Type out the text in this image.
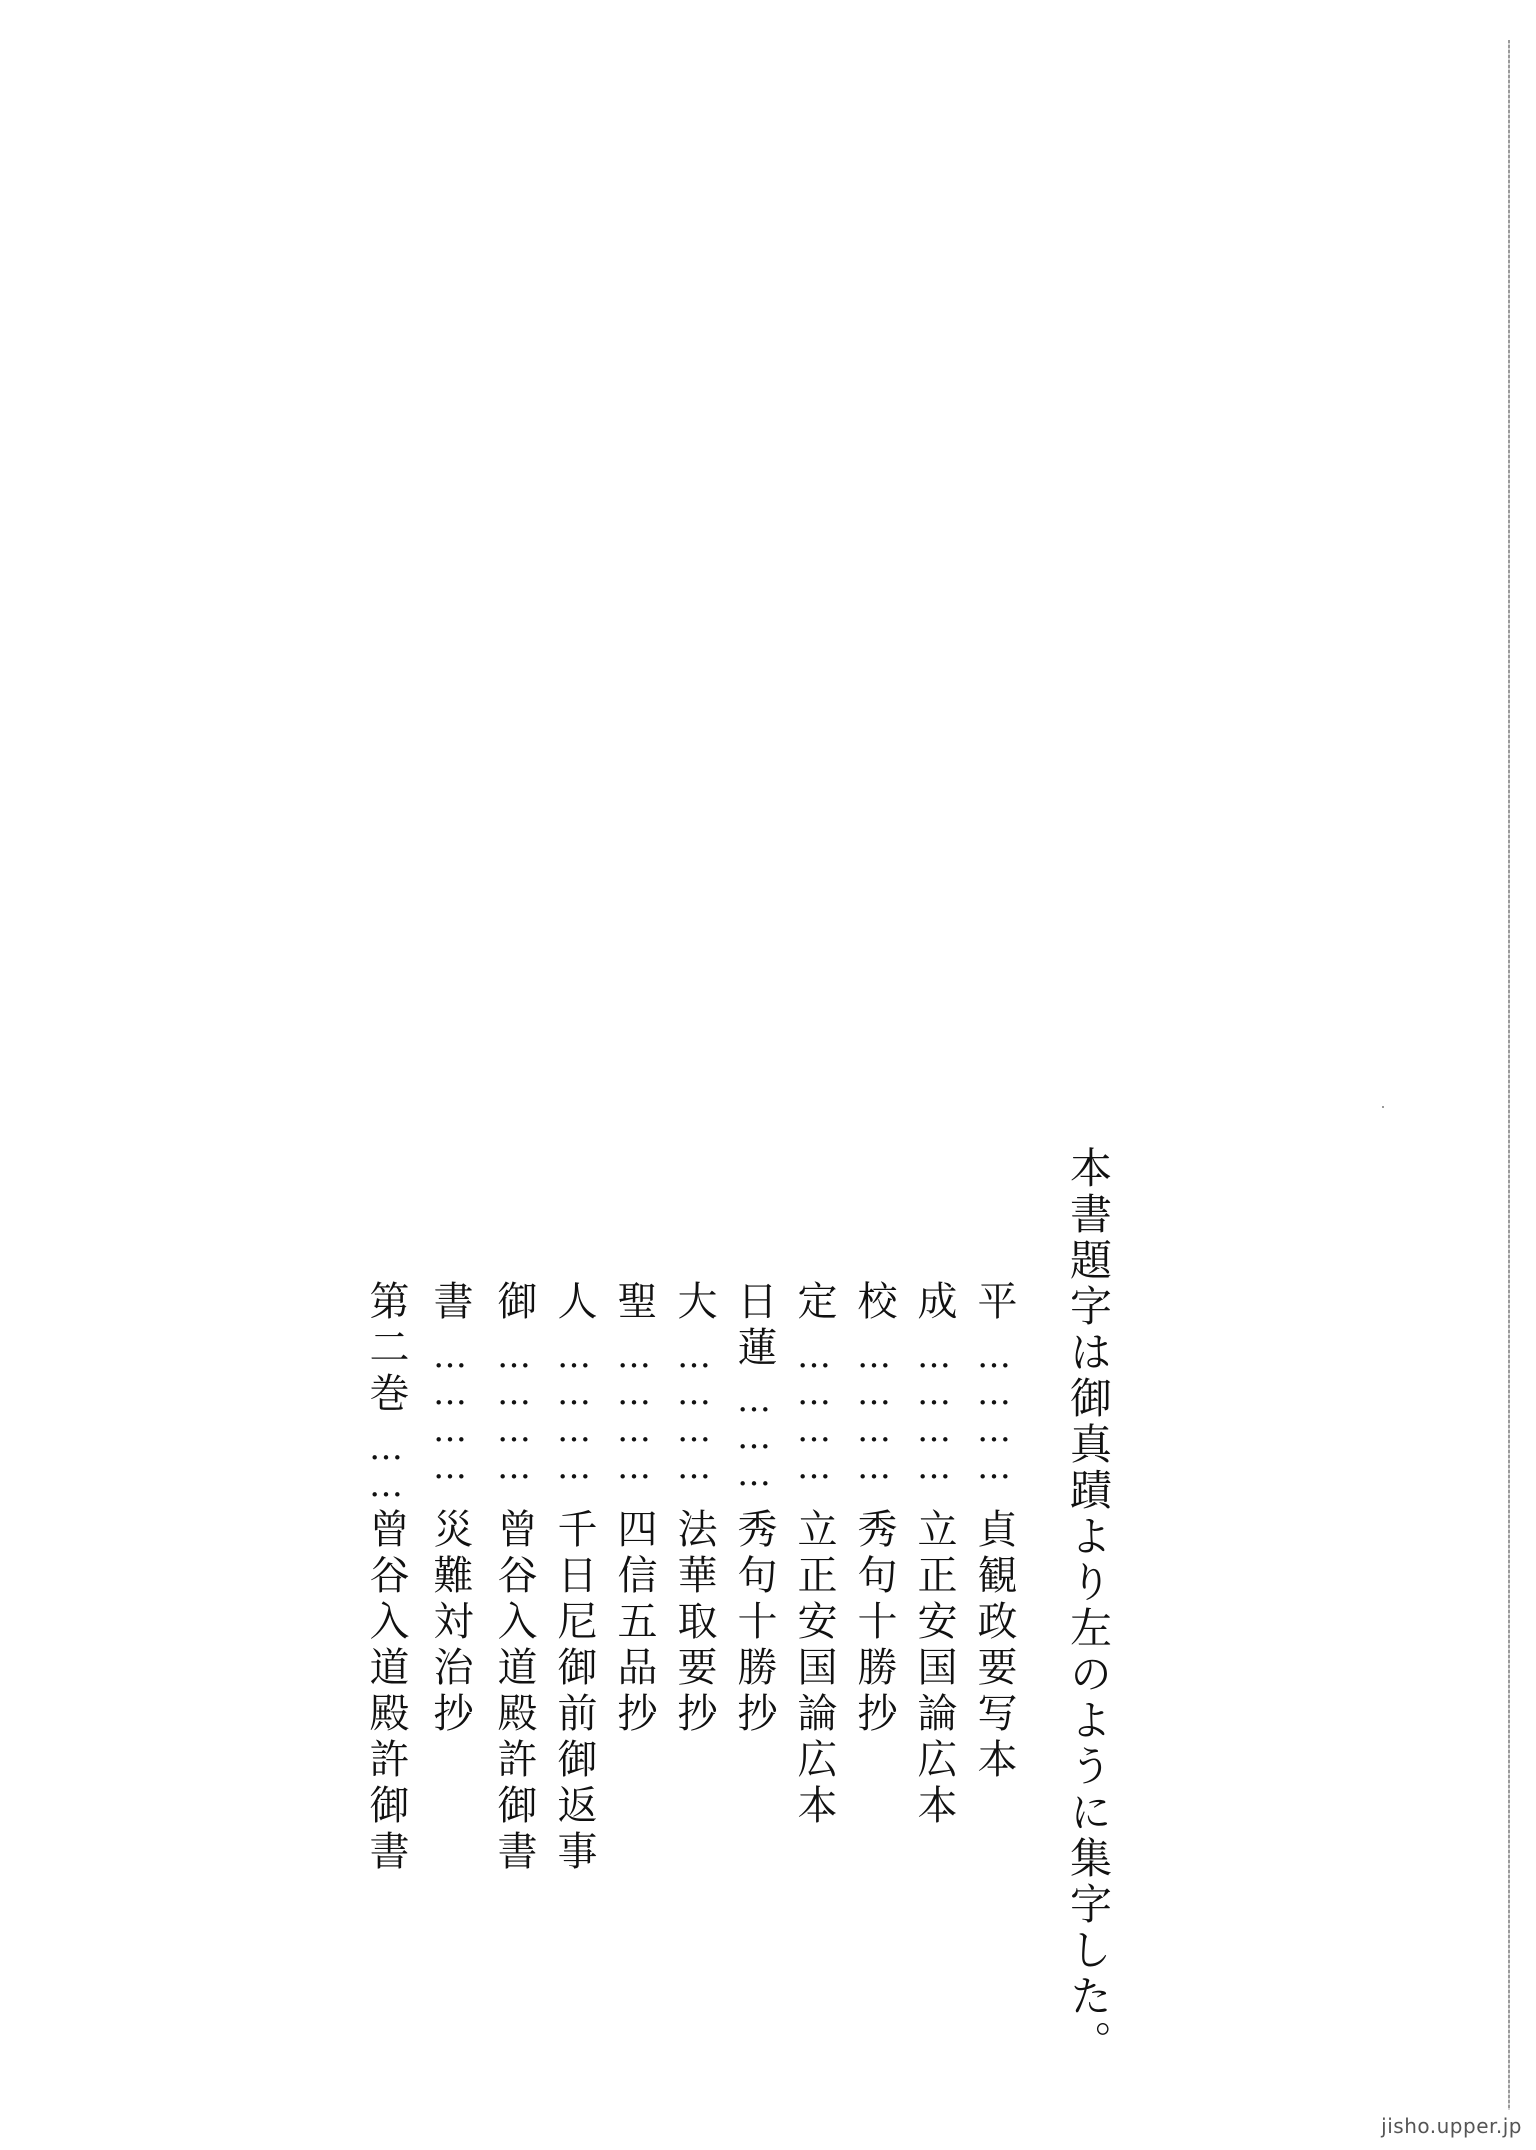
本書題字は御真蹟より左のように集字した。
平
…………
貞観政要写本
成
…………
立正安国論広本
校
…………
秀句十勝抄
定
…………
立正安国論広本
日蓮
………
秀句十勝抄
大
…………
法華取要抄
聖
…………
四信五品抄
人
…………
千日尼御前御返事
御
…………
曾谷入道殿許御書
書
…………
災難対治抄
第二巻
……
曾谷入道殿許御書
jisho.upper.jp
